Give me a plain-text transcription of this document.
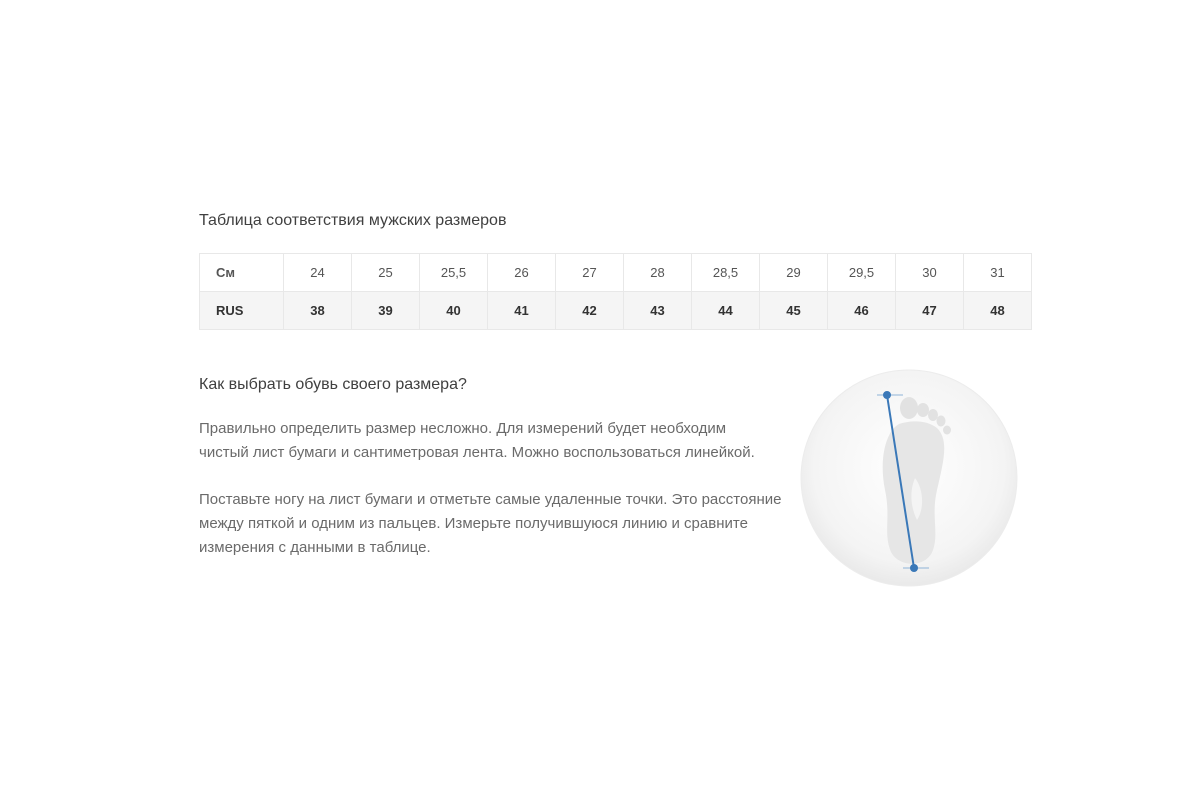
Таблица соответствия мужских размеров
См	24	25	25,5	26	27	28	28,5	29	29,5	30	31
RUS	38	39	40	41	42	43	44	45	46	47	48
Как выбрать обувь своего размера?
Правильно определить размер несложно. Для измерений будет необходим
чистый лист бумаги и сантиметровая лента. Можно воспользоваться линейкой.
Поставьте ногу на лист бумаги и отметьте самые удаленные точки. Это расстояние
между пяткой и одним из пальцев. Измерьте получившуюся линию и сравните
измерения с данными в таблице.
